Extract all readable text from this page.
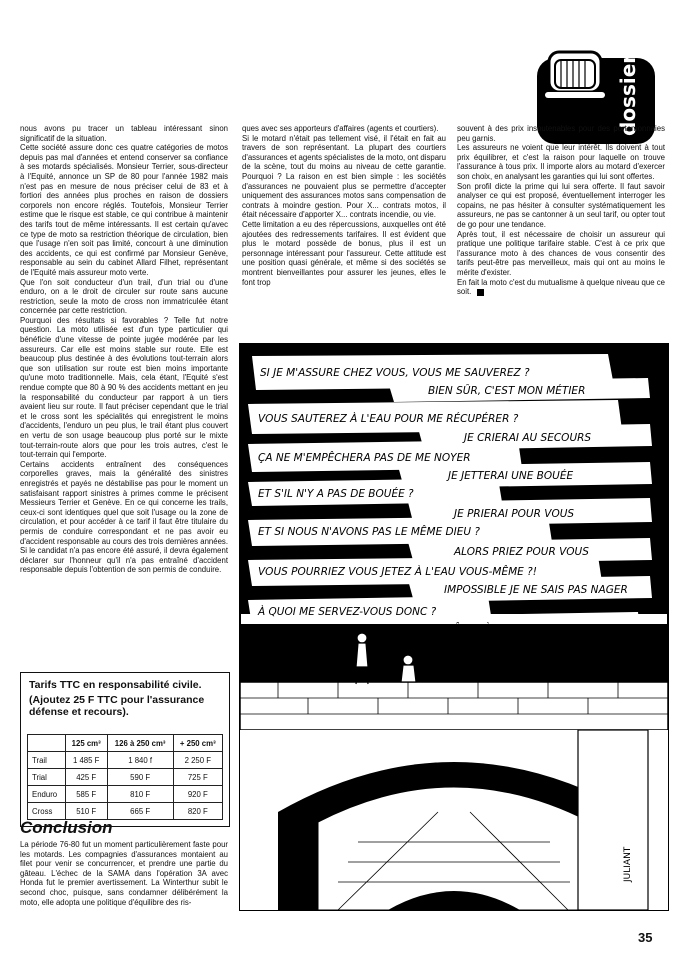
dossier

nous avons pu tracer un tableau intéressant sinon significatif de la situation.

Cette société assure donc ces quatre catégories de motos depuis pas mal d'années et entend conserver sa confiance à ses motards spécialisés. Monsieur Terrier, sous-directeur à l'Equité, annonce un SP de 80 pour l'année 1982 mais n'est pas en mesure de nous préciser celui de 83 et à fortiori des années plus proches en raison de dossiers corporels non encore réglés. Toutefois, Monsieur Terrier estime que le risque est stable, ce qui contribue à maintenir des tarifs tout de même intéressants. Il est certain qu'avec ce type de moto sa restriction théorique de circulation, bien que l'usage n'en soit pas limité, concourt à une diminution des accidents, ce qui est confirmé par Monsieur Genève, responsable au sein du cabinet Allard Filhet, représentant de l'Equité mais assureur moto verte.

Que l'on soit conducteur d'un trail, d'un trial ou d'une enduro, on a le droit de circuler sur route sans aucune restriction, seule la moto de cross non immatriculée étant concernée par cette restriction.

Pourquoi des résultats si favorables ? Telle fut notre question. La moto utilisée est d'un type particulier qui bénéficie d'une vitesse de pointe jugée modérée par les assureurs. Car elle est moins stable sur route. Elle est beaucoup plus destinée à des évolutions tout-terrain alors que son utilisation sur route est bien moins importante qu'une moto traditionnelle. Mais, cela étant, l'Equité s'est rendue compte que 80 à 90 % des accidents mettant en jeu la responsabilité du conducteur par rapport à un tiers avaient lieu sur route. Il faut préciser cependant que le trial et le cross sont les spécialités qui enregistrent le moins d'accidents, l'enduro un peu plus, le trail étant plus couvert en vertu de son usage beaucoup plus porté sur le mixte tout-terrain-route alors que pour les trois autres, c'est le tout-terrain qui l'emporte.

Certains accidents entraînent des conséquences corporelles graves, mais la généralité des sinistres enregistrés et payés ne déstabilise pas pour le moment un satisfaisant rapport sinistres à primes comme le précisent Messieurs Terrier et Genève. En ce qui concerne les trails, ceux-ci sont identiques quel que soit l'usage ou la zone de circulation, et pour accéder à ce tarif il faut être titulaire du permis de conduire correspondant et ne pas avoir eu d'accident responsable au cours des trois dernières années. Si le candidat n'a pas encore été assuré, il devra également déclarer sur l'honneur qu'il n'a pas entraîné d'accident responsable depuis l'obtention de son permis de conduire.

ques avec ses apporteurs d'affaires (agents et courtiers).

Si le motard n'était pas tellement visé, il l'était en fait au travers de son représentant. La plupart des courtiers d'assurances et agents spécialistes de la moto, ont disparu de la scène, tout du moins au niveau de cette garantie. Pourquoi ? La raison en est bien simple : les sociétés d'assurances ne pouvaient plus se permettre d'accepter uniquement des assurances motos sans compensation de contrats à moindre gestion. Pour X... contrats motos, il était nécessaire d'apporter X... contrats incendie, ou vie.

Cette limitation a eu des répercussions, auxquelles ont été ajoutées des redressements tarifaires. Il est évident que plus le motard possède de bonus, plus il est un personnage intéressant pour l'assureur. Cette attitude est une position quasi générale, et même si des sociétés se montrent bienveillantes pour assurer les jeunes, elles le font trop

souvent à des prix insoutenables pour des portemonnaies peu garnis.

Les assureurs ne voient que leur intérêt. Ils doivent à tout prix équilibrer, et c'est la raison pour laquelle on trouve l'assurance à tous prix. Il importe alors au motard d'exercer son choix, en analysant les garanties qui lui sont offertes.

Son profil dicte la prime qui lui sera offerte. Il faut savoir analyser ce qui est proposé, éventuellement interroger les copains, ne pas hésiter à consulter systématiquement les assureurs, ne pas se cantonner à un seul tarif, ou opter tout de go pour une tendance.

Après tout, il est nécessaire de choisir un assureur qui pratique une politique tarifaire stable. C'est à ce prix que l'assurance moto à des chances de vous consentir des tarifs peut-être pas merveilleux, mais qui ont au moins le mérite d'exister.

En fait la moto c'est du mutualisme à quelque niveau que ce soit.

Tarifs TTC en responsabilité civile.
(Ajoutez 25 F TTC pour l'assurance défense et recours).
	125 cm³	126 à 250 cm³	+ 250 cm³
Trail	1 485 F	1 840 f	2 250 F
Trial	425 F	590 F	725 F
Enduro	585 F	810 F	920 F
Cross	510 F	665 F	820 F
Conclusion

La période 76-80 fut un moment particulièrement faste pour les motards. Les compagnies d'assurances montaient au filet pour venir se concurrencer, et prendre une partie du gâteau. L'échec de la SAMA dans l'opération 3A avec Honda fut le premier avertissement. La Winterthur subit le second choc, puisque, sans condamner délibérément la moto, elle adopta une politique d'équilibre des ris-

SI JE M'ASSURE CHEZ VOUS, VOUS ME SAUVEREZ ?
BIEN SÛR, C'EST MON MÉTIER
VOUS SAUTEREZ À L'EAU POUR ME RÉCUPÉRER ?
JE CRIERAI AU SECOURS
ÇA NE M'EMPÊCHERA PAS DE ME NOYER
JE JETTERAI UNE BOUÉE
ET S'IL N'Y A PAS DE BOUÉE ?
JE PRIERAI POUR VOUS
ET SI NOUS N'AVONS PAS LE MÊME DIEU ?
ALORS PRIEZ POUR VOUS
VOUS POURRIEZ VOUS JETEZ À L'EAU VOUS-MÊME ?!
IMPOSSIBLE JE NE SAIS PAS NAGER
À QUOI ME SERVEZ-VOUS DONC ?
PEUT-ÊTRE À RIEN, MAIS SI VOUS
N'EN REVENEZ PAS, QUI LE SAURA ?..
JULIANT
35
